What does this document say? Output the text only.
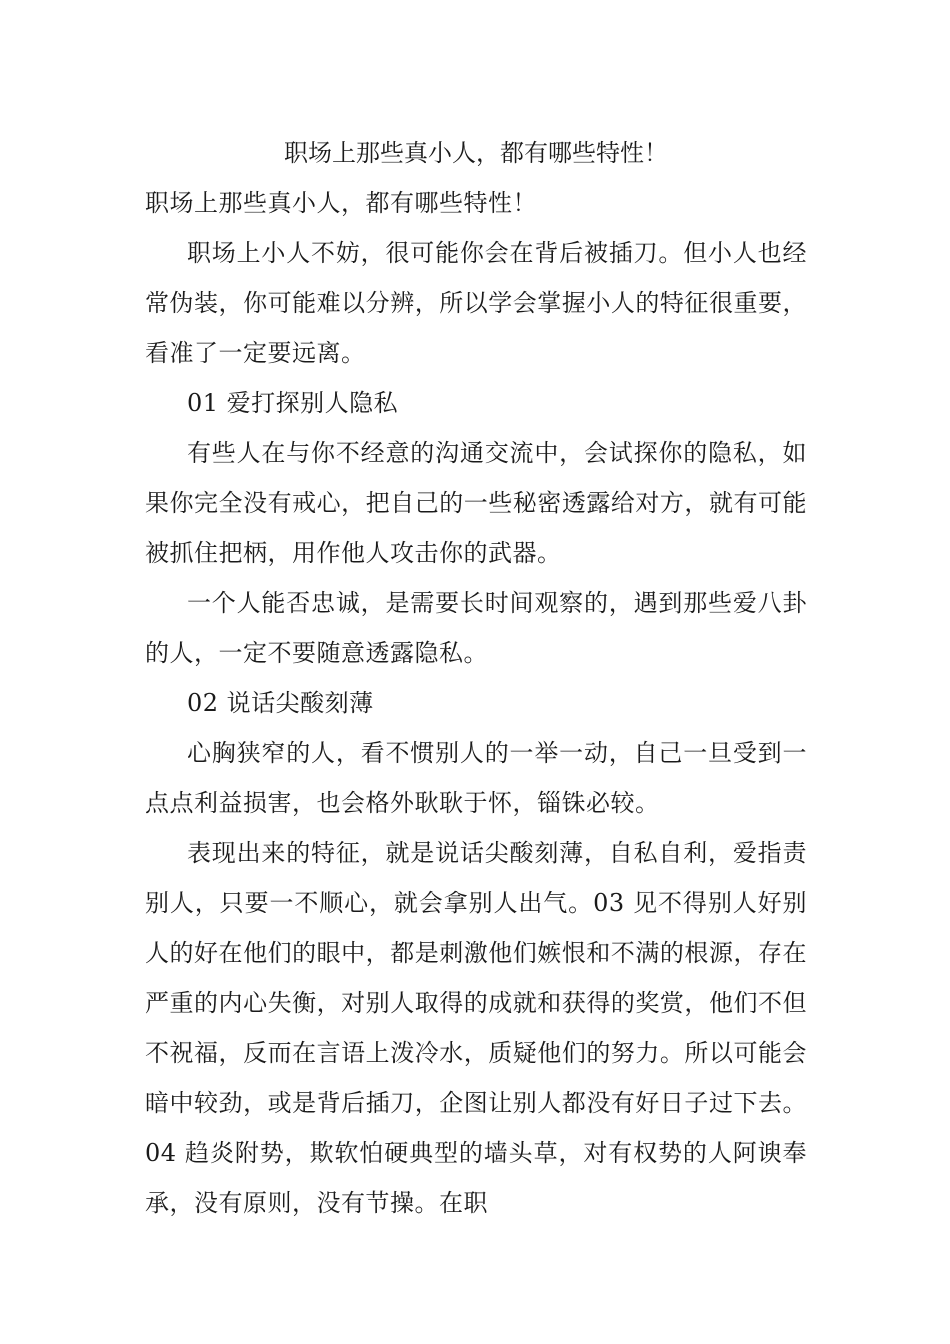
职场上那些真小人，都有哪些特性！

职场上那些真小人，都有哪些特性！

职场上小人不妨，很可能你会在背后被插刀。但小人也经常伪装，你可能难以分辨，所以学会掌握小人的特征很重要，看准了一定要远离。

01 爱打探别人隐私

有些人在与你不经意的沟通交流中，会试探你的隐私，如果你完全没有戒心，把自己的一些秘密透露给对方，就有可能被抓住把柄，用作他人攻击你的武器。

一个人能否忠诚，是需要长时间观察的，遇到那些爱八卦的人，一定不要随意透露隐私。

02 说话尖酸刻薄

心胸狭窄的人，看不惯别人的一举一动，自己一旦受到一点点利益损害，也会格外耿耿于怀，锱铢必较。

表现出来的特征，就是说话尖酸刻薄，自私自利，爱指责别人，只要一不顺心，就会拿别人出气。03 见不得别人好别人的好在他们的眼中，都是刺激他们嫉恨和不满的根源，存在严重的内心失衡，对别人取得的成就和获得的奖赏，他们不但不祝福，反而在言语上泼冷水，质疑他们的努力。所以可能会暗中较劲，或是背后插刀，企图让别人都没有好日子过下去。04 趋炎附势，欺软怕硬典型的墙头草，对有权势的人阿谀奉承，没有原则，没有节操。在职
